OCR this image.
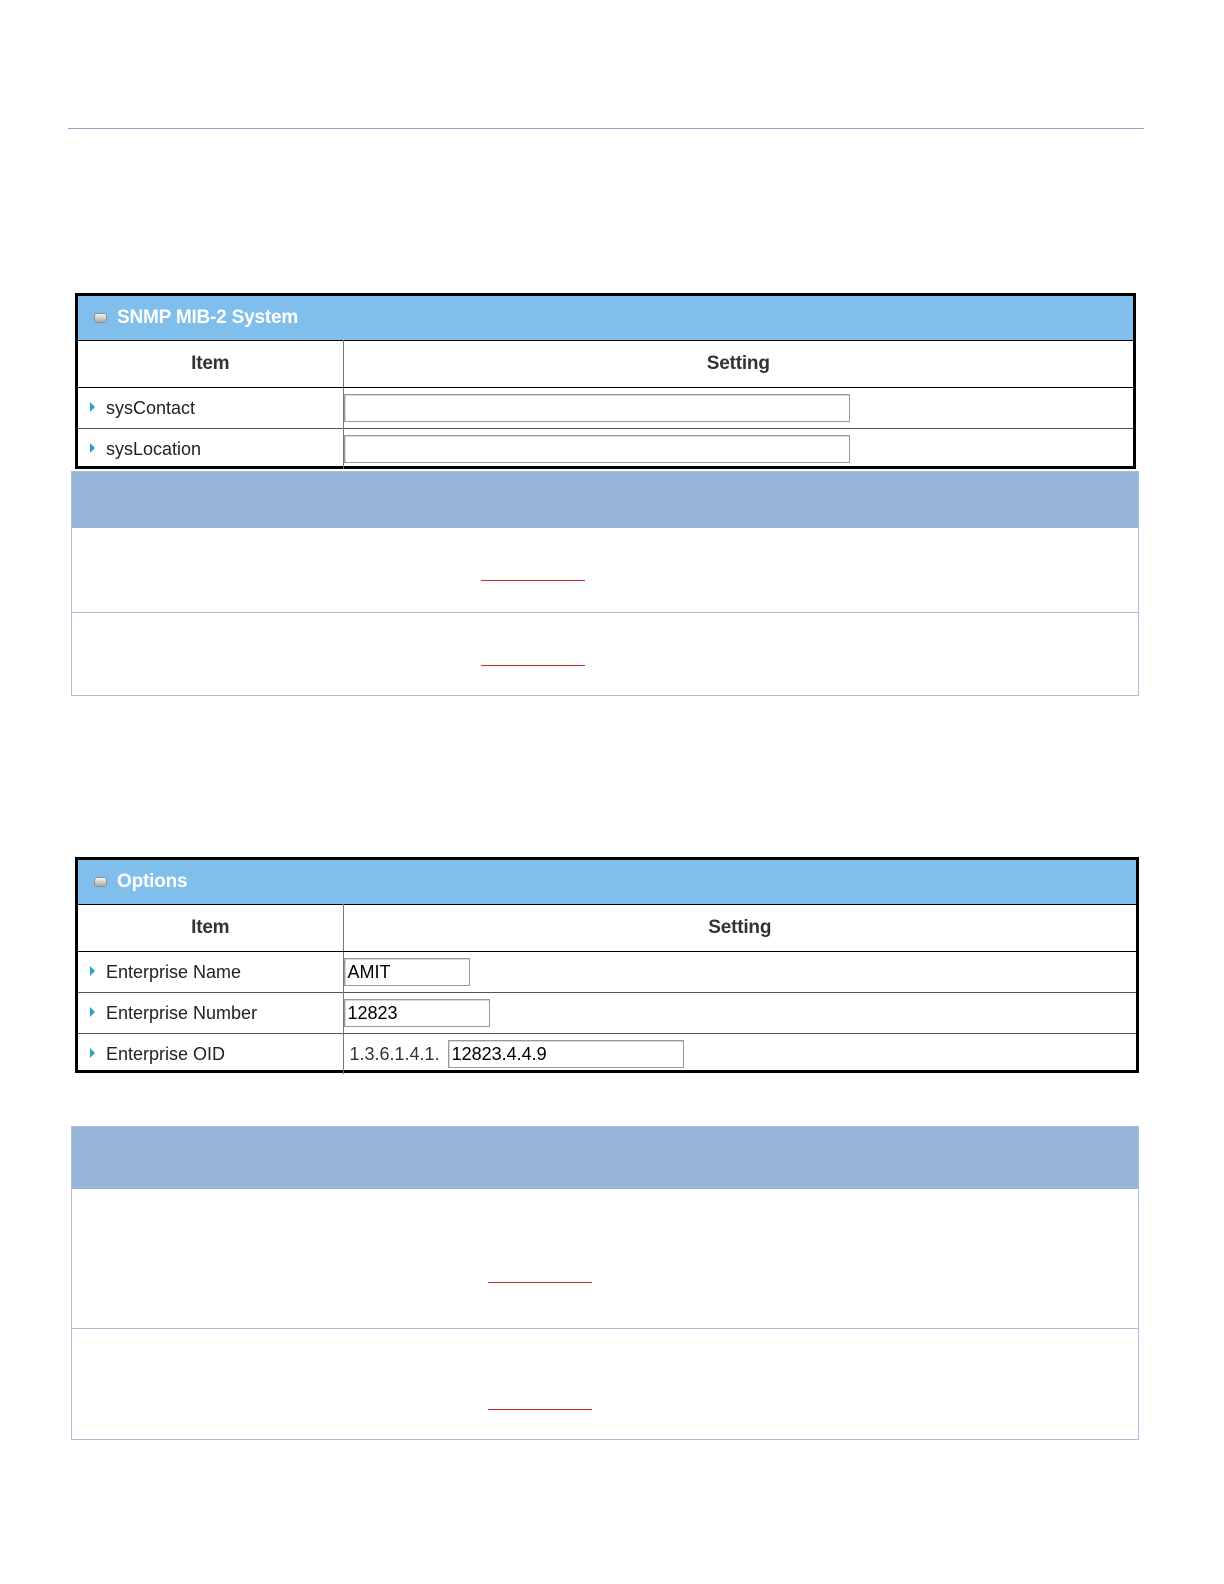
SNMP MIB-2 System
Item	Setting
sysContact	
sysLocation	
Options
Item	Setting
Enterprise Name	AMIT
Enterprise Number	12823
Enterprise OID	1.3.6.1.4.1. 12823.4.4.9
